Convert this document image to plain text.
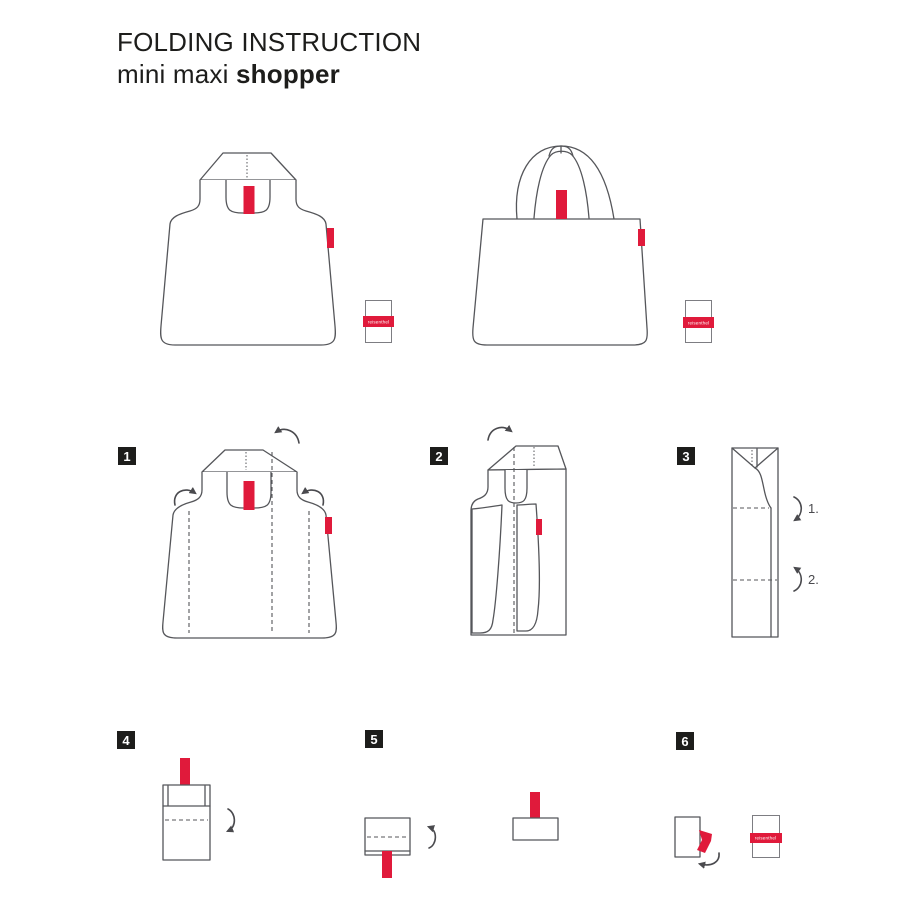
FOLDING INSTRUCTION
mini maxi shopper
1	2	3
4	5	6
1.
2.
reisenthel	reisenthel
reisenthel
